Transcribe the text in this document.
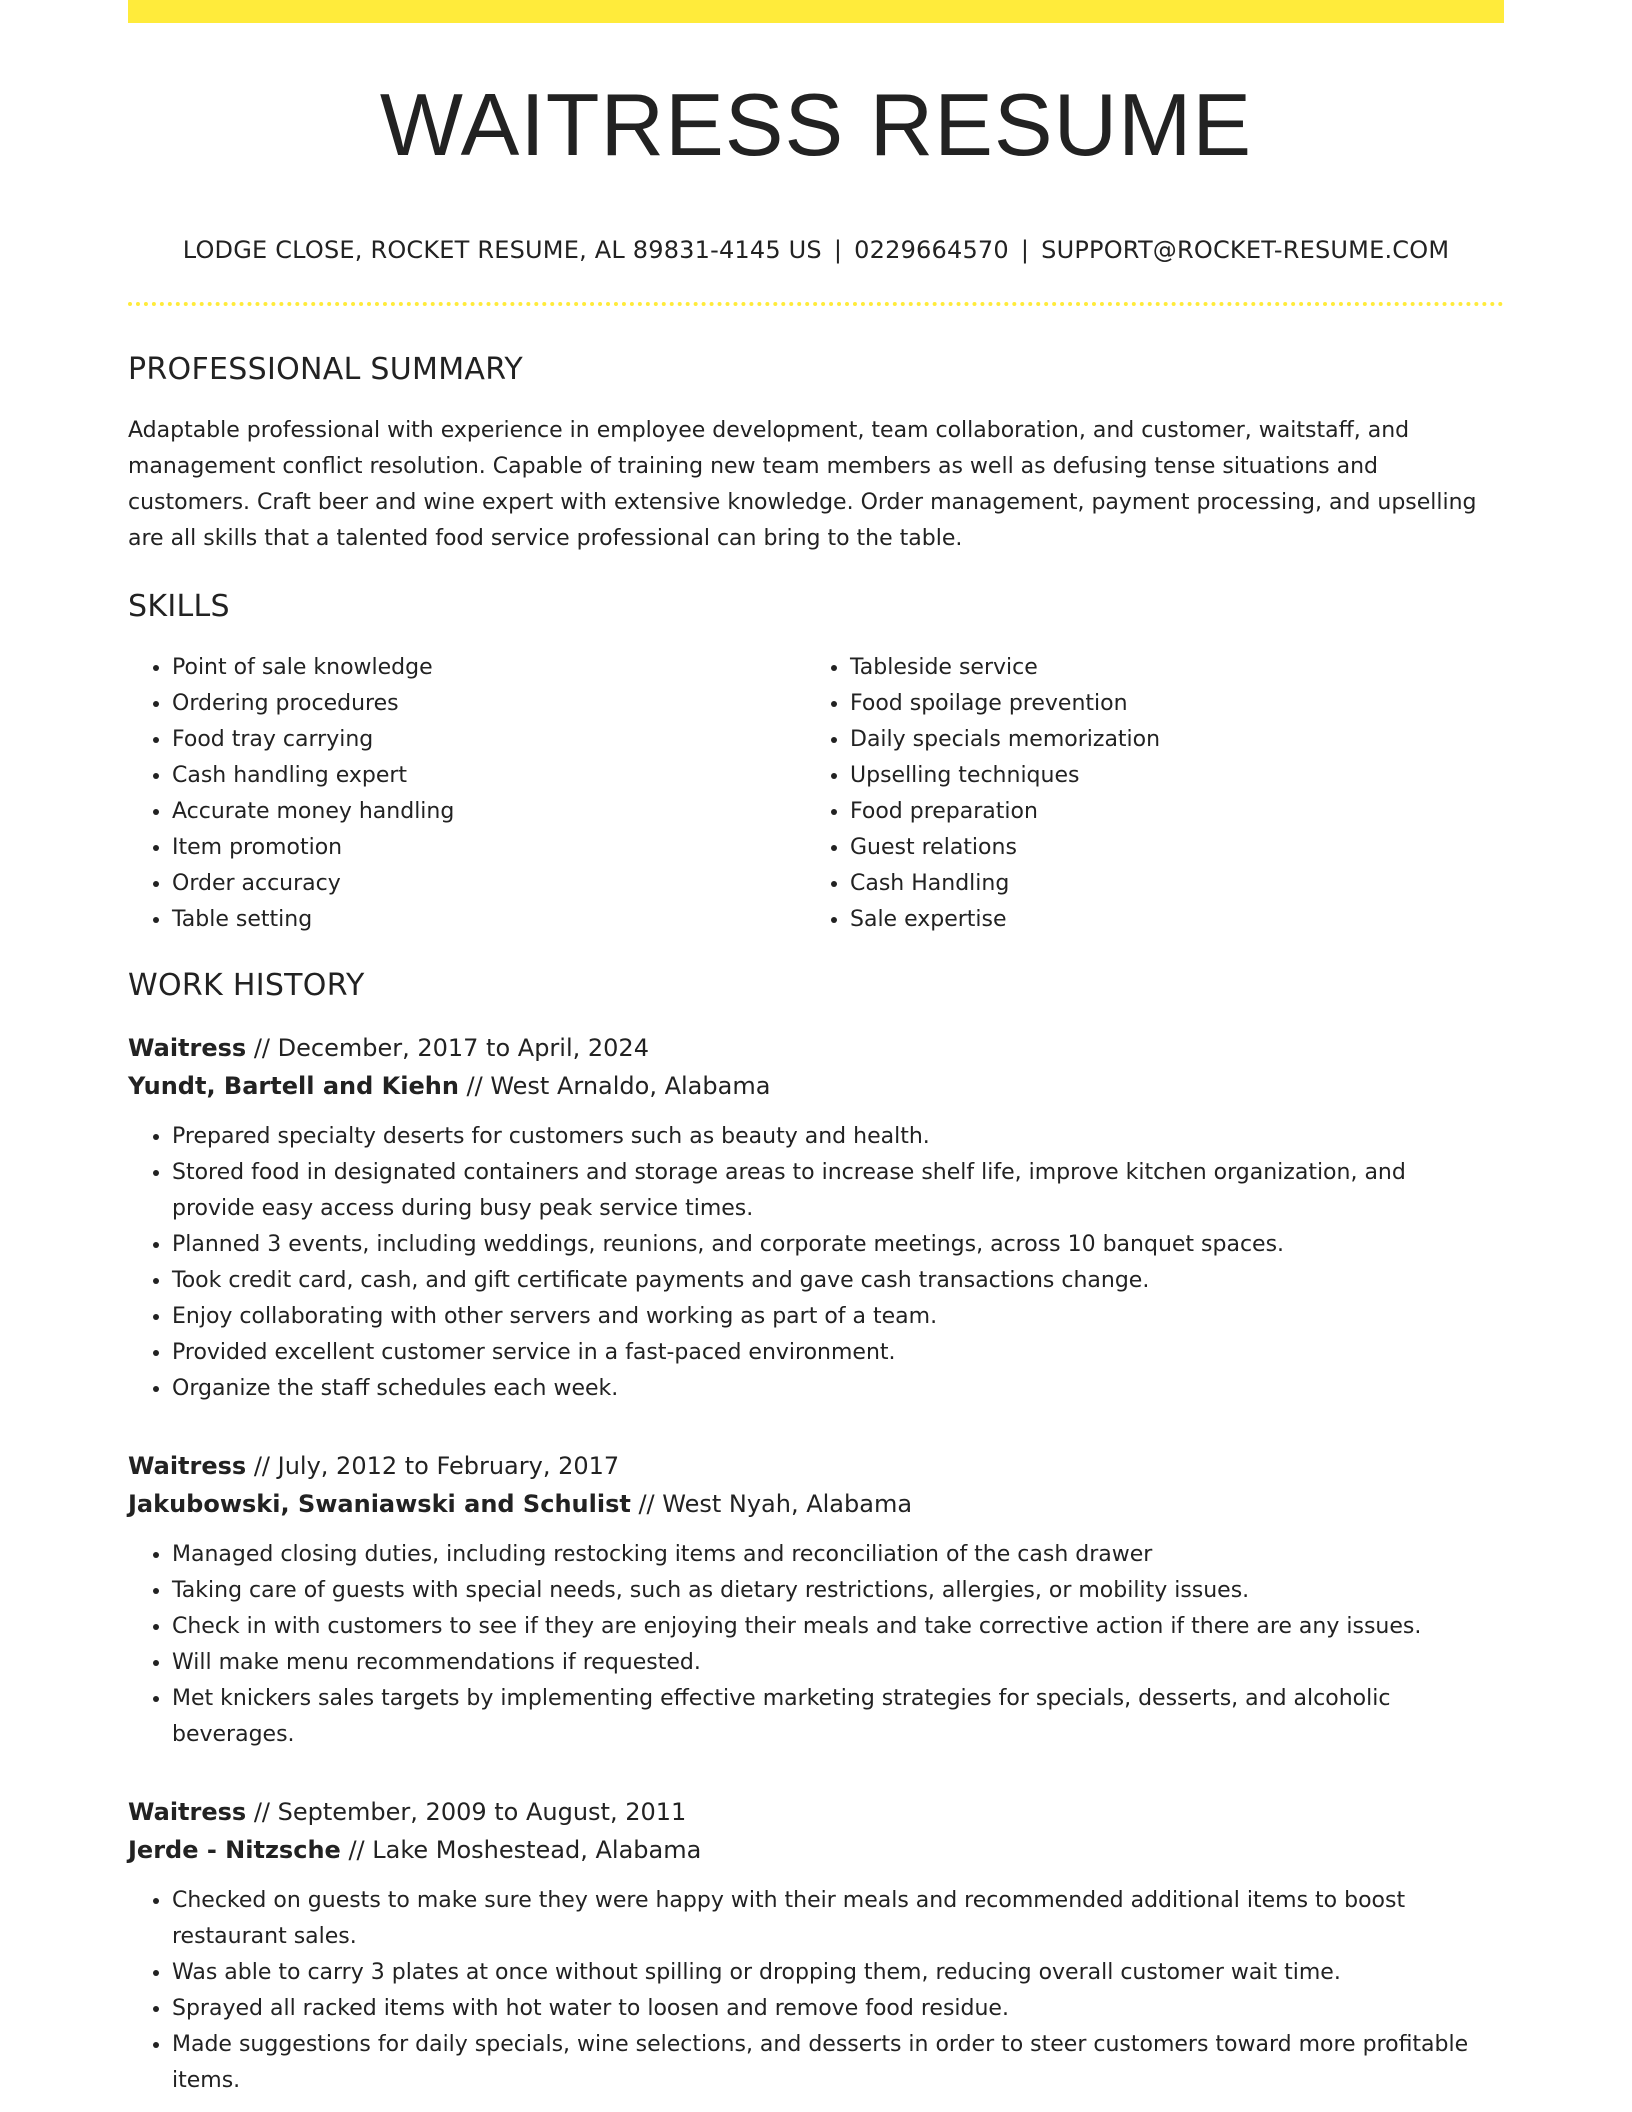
WAITRESS RESUME
LODGE CLOSE, ROCKET RESUME, AL 89831-4145 US | 0229664570 | SUPPORT@ROCKET-RESUME.COM
PROFESSIONAL SUMMARY

Adaptable professional with experience in employee development, team collaboration, and customer, waitstaff, and management conflict resolution. Capable of training new team members as well as defusing tense situations and customers. Craft beer and wine expert with extensive knowledge. Order management, payment processing, and upselling are all skills that a talented food service professional can bring to the table.

SKILLS
• Point of sale knowledge
• Ordering procedures
• Food tray carrying
• Cash handling expert
• Accurate money handling
• Item promotion
• Order accuracy
• Table setting
• Tableside service
• Food spoilage prevention
• Daily specials memorization
• Upselling techniques
• Food preparation
• Guest relations
• Cash Handling
• Sale expertise
WORK HISTORY
Waitress // December, 2017 to April, 2024
Yundt, Bartell and Kiehn // West Arnaldo, Alabama
• Prepared specialty deserts for customers such as beauty and health.
• Stored food in designated containers and storage areas to increase shelf life, improve kitchen organization, and provide easy access during busy peak service times.
• Planned 3 events, including weddings, reunions, and corporate meetings, across 10 banquet spaces.
• Took credit card, cash, and gift certificate payments and gave cash transactions change.
• Enjoy collaborating with other servers and working as part of a team.
• Provided excellent customer service in a fast-paced environment.
• Organize the staff schedules each week.
Waitress // July, 2012 to February, 2017
Jakubowski, Swaniawski and Schulist // West Nyah, Alabama
• Managed closing duties, including restocking items and reconciliation of the cash drawer
• Taking care of guests with special needs, such as dietary restrictions, allergies, or mobility issues.
• Check in with customers to see if they are enjoying their meals and take corrective action if there are any issues.
• Will make menu recommendations if requested.
• Met knickers sales targets by implementing effective marketing strategies for specials, desserts, and alcoholic beverages.
Waitress // September, 2009 to August, 2011
Jerde - Nitzsche // Lake Moshestead, Alabama
• Checked on guests to make sure they were happy with their meals and recommended additional items to boost restaurant sales.
• Was able to carry 3 plates at once without spilling or dropping them, reducing overall customer wait time.
• Sprayed all racked items with hot water to loosen and remove food residue.
• Made suggestions for daily specials, wine selections, and desserts in order to steer customers toward more profitable items.
